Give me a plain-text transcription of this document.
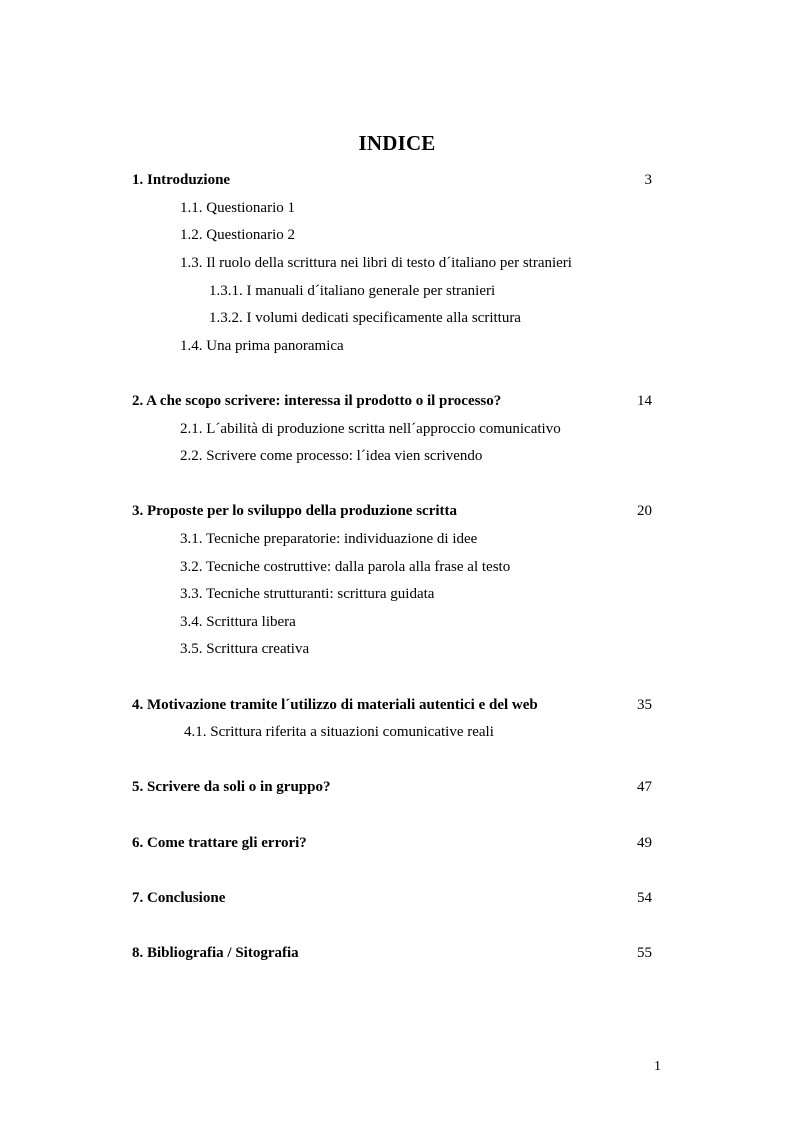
INDICE
1. Introduzione	3
1.1. Questionario 1
1.2. Questionario 2
1.3. Il ruolo della scrittura nei libri di testo d´italiano per stranieri
1.3.1. I manuali d´italiano generale per stranieri
1.3.2. I volumi dedicati specificamente alla scrittura
1.4. Una prima panoramica
2. A che scopo scrivere: interessa il prodotto o il processo?	14
2.1. L´abilità di produzione scritta nell´approccio comunicativo
2.2. Scrivere come processo: l´idea vien scrivendo
3. Proposte per lo sviluppo della produzione scritta	20
3.1. Tecniche preparatorie: individuazione di idee
3.2. Tecniche costruttive: dalla parola alla frase al testo
3.3. Tecniche strutturanti: scrittura guidata
3.4. Scrittura libera
3.5. Scrittura creativa
4. Motivazione tramite l´utilizzo di materiali autentici e del web	35
4.1. Scrittura riferita a situazioni comunicative reali
5. Scrivere da soli o in gruppo?	47
6. Come trattare gli errori?	49
7. Conclusione	54
8. Bibliografia / Sitografia	55
1
